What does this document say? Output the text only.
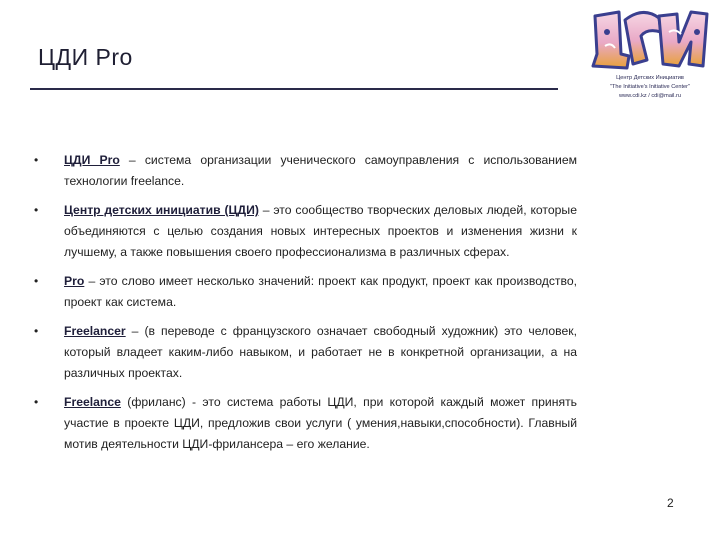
ЦДИ Pro
Центр Детских Инициатив
"The Initiative's Initiative Center"
www.cdi.kz / cdi@mail.ru
• ЦДИ Pro – система организации ученического самоуправления с использованием технологии freelance.
• Центр детских инициатив (ЦДИ) – это сообщество творческих деловых людей, которые объединяются с целью создания новых интересных проектов и изменения жизни к лучшему, а также повышения своего профессионализма в различных сферах.
• Pro – это слово имеет несколько значений: проект как продукт, проект как производство, проект как система.
• Freelancer – (в переводе с французского означает свободный художник) это человек, который владеет каким-либо навыком, и работает не в конкретной организации, а на различных проектах.
• Freelance (фриланс) - это система работы ЦДИ, при которой каждый может принять участие в проекте ЦДИ, предложив свои услуги ( умения,навыки,способности). Главный мотив деятельности ЦДИ-фрилансера – его желание.
2
